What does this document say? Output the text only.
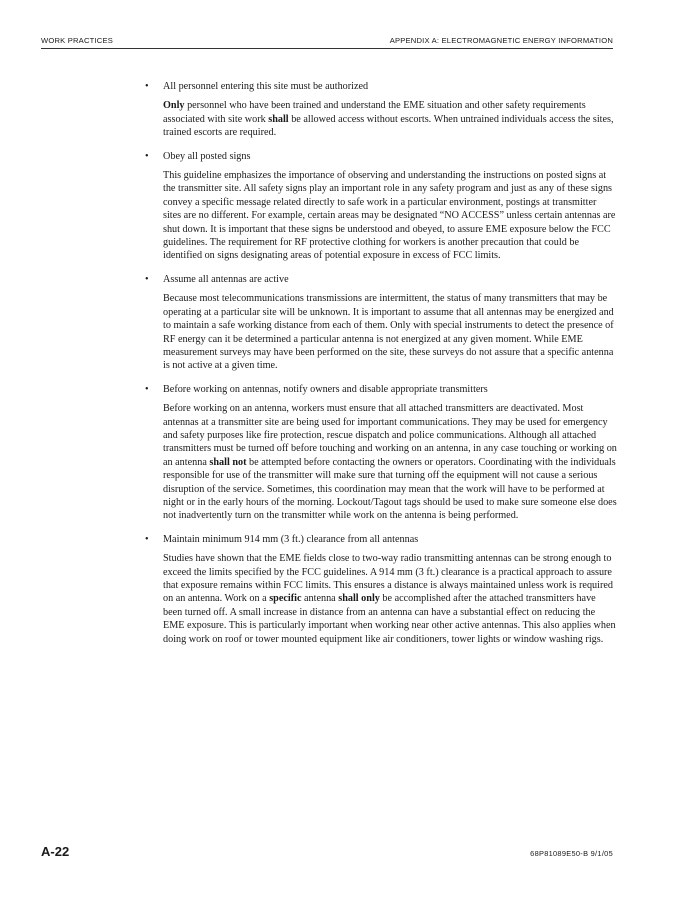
WORK PRACTICES	APPENDIX A: ELECTROMAGNETIC ENERGY INFORMATION
• All personnel entering this site must be authorized
Only personnel who have been trained and understand the EME situation and other safety requirements associated with site work shall be allowed access without escorts. When untrained individuals access the sites, trained escorts are required.
• Obey all posted signs
This guideline emphasizes the importance of observing and understanding the instructions on posted signs at the transmitter site. All safety signs play an important role in any safety program and just as any of these signs convey a specific message related directly to safe work in a particular environment, postings at transmitter sites are no different. For example, certain areas may be designated “NO ACCESS” unless certain antennas are shut down. It is important that these signs be understood and obeyed, to assure EME exposure below the FCC guidelines. The requirement for RF protective clothing for workers is another precaution that could be identified on signs designating areas of potential exposure in excess of FCC limits.
• Assume all antennas are active
Because most telecommunications transmissions are intermittent, the status of many transmitters that may be operating at a particular site will be unknown. It is important to assume that all antennas may be energized and to maintain a safe working distance from each of them. Only with special instruments to detect the presence of RF energy can it be determined a particular antenna is not energized at any given moment. While EME measurement surveys may have been performed on the site, these surveys do not assure that a specific antenna is not active at a given time.
• Before working on antennas, notify owners and disable appropriate transmitters
Before working on an antenna, workers must ensure that all attached transmitters are deactivated. Most antennas at a transmitter site are being used for important communications. They may be used for emergency and safety purposes like fire protection, rescue dispatch and police communications. Although all attached transmitters must be turned off before touching and working on an antenna, in any case touching or working on an antenna shall not be attempted before contacting the owners or operators. Coordinating with the individuals responsible for use of the transmitter will make sure that turning off the equipment will not cause a serious disruption of the service. Sometimes, this coordination may mean that the work will have to be performed at night or in the early hours of the morning. Lockout/Tagout tags should be used to make sure someone else does not inadvertently turn on the transmitter while work on the antenna is being performed.
• Maintain minimum 914 mm (3 ft.) clearance from all antennas
Studies have shown that the EME fields close to two-way radio transmitting antennas can be strong enough to exceed the limits specified by the FCC guidelines. A 914 mm (3 ft.) clearance is a practical approach to assure that exposure remains within FCC limits. This ensures a distance is always maintained unless work is required on an antenna. Work on a specific antenna shall only be accomplished after the attached transmitters have been turned off. A small increase in distance from an antenna can have a substantial effect on reducing the EME exposure. This is particularly important when working near other active antennas. This also applies when doing work on roof or tower mounted equipment like air conditioners, tower lights or window washing rigs.
A-22	68P81089E50-B 9/1/05
